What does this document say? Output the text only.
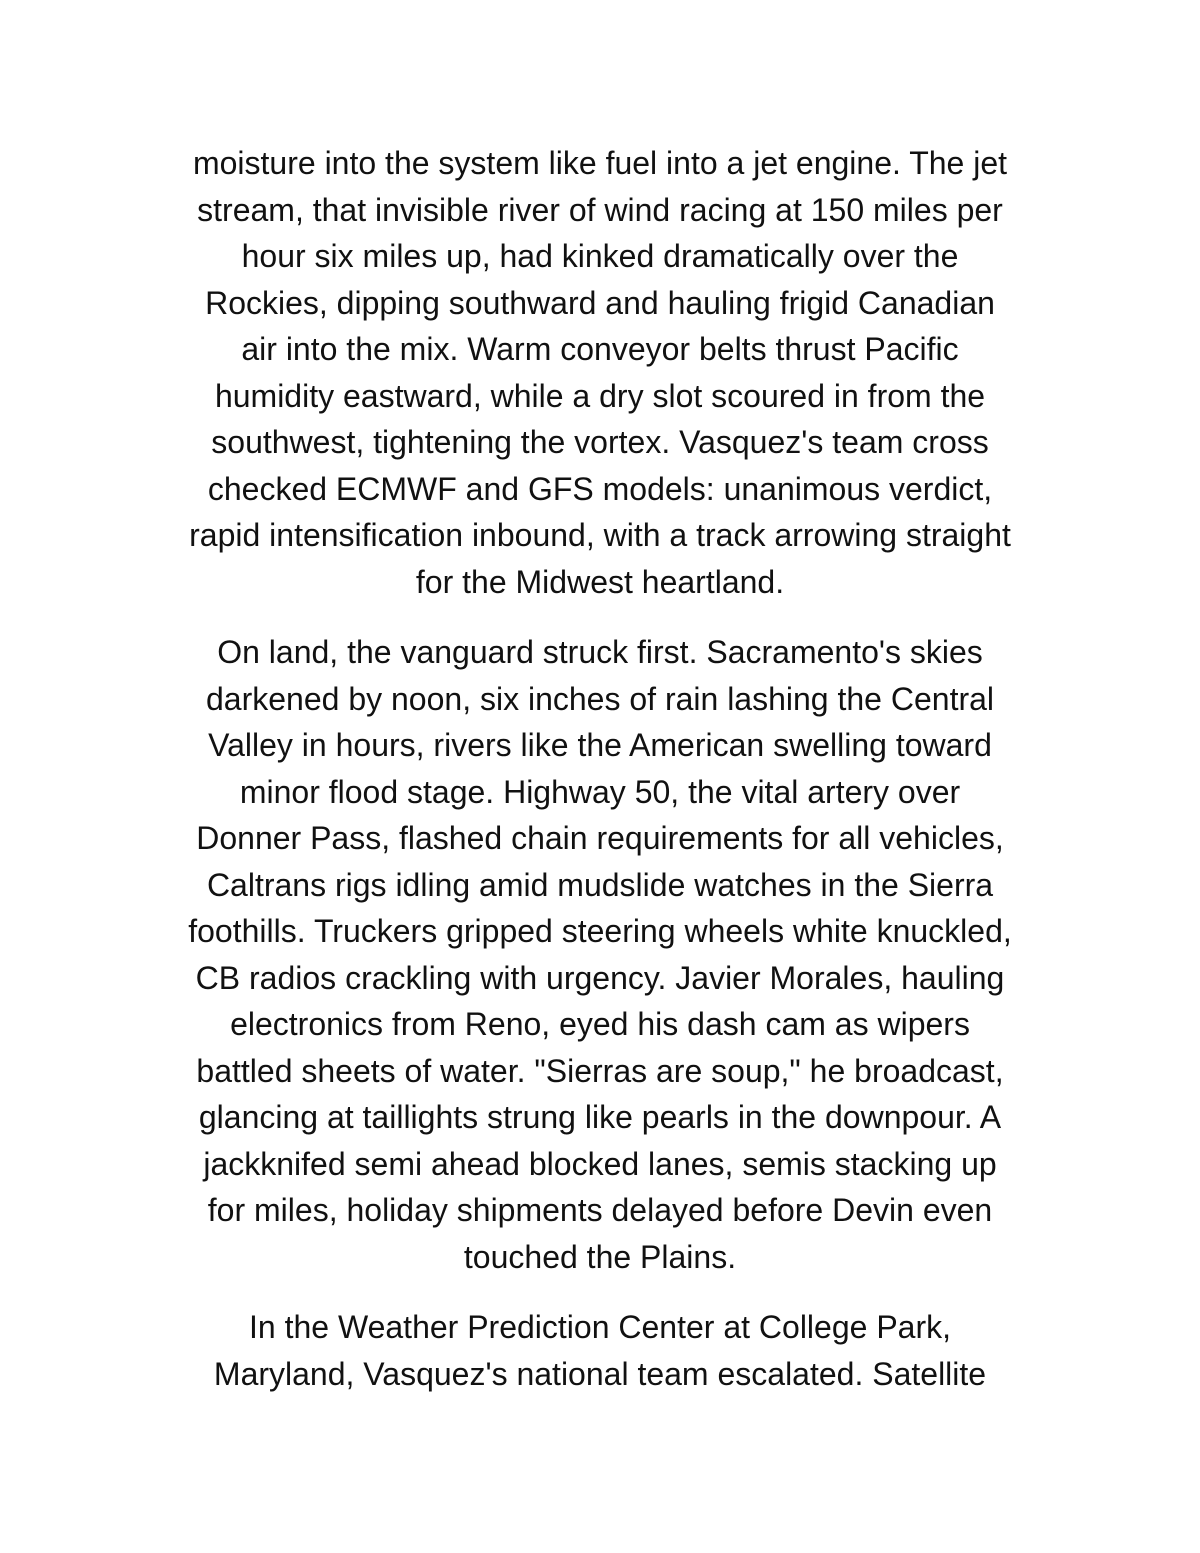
moisture into the system like fuel into a jet engine. The jet
stream, that invisible river of wind racing at 150 miles per
hour six miles up, had kinked dramatically over the
Rockies, dipping southward and hauling frigid Canadian
air into the mix. Warm conveyor belts thrust Pacific
humidity eastward, while a dry slot scoured in from the
southwest, tightening the vortex. Vasquez's team cross
checked ECMWF and GFS models: unanimous verdict,
rapid intensification inbound, with a track arrowing straight
for the Midwest heartland.

On land, the vanguard struck first. Sacramento's skies
darkened by noon, six inches of rain lashing the Central
Valley in hours, rivers like the American swelling toward
minor flood stage. Highway 50, the vital artery over
Donner Pass, flashed chain requirements for all vehicles,
Caltrans rigs idling amid mudslide watches in the Sierra
foothills. Truckers gripped steering wheels white knuckled,
CB radios crackling with urgency. Javier Morales, hauling
electronics from Reno, eyed his dash cam as wipers
battled sheets of water. "Sierras are soup," he broadcast,
glancing at taillights strung like pearls in the downpour. A
jackknifed semi ahead blocked lanes, semis stacking up
for miles, holiday shipments delayed before Devin even
touched the Plains.

In the Weather Prediction Center at College Park,
Maryland, Vasquez's national team escalated. Satellite
